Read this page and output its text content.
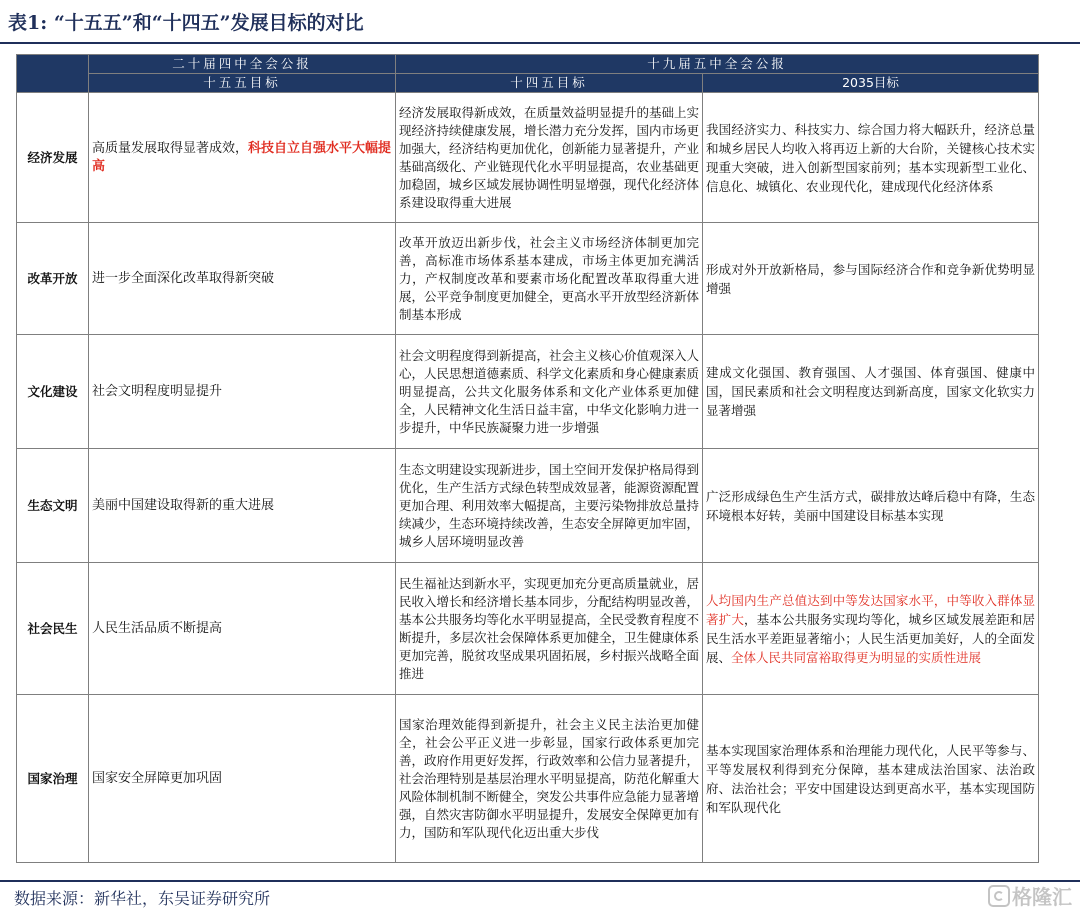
表1: “十五五”和“十四五”发展目标的对比
	二十届四中全会公报	十九届五中全会公报	
	十五五目标	十四五目标	2035目标
经济发展	高质量发展取得显著成效，科技自立自强水平大幅提高	经济发展取得新成效，在质量效益明显提升的基础上实现经济持续健康发展，增长潜力充分发挥，国内市场更加强大，经济结构更加优化，创新能力显著提升，产业基础高级化、产业链现代化水平明显提高，农业基础更加稳固，城乡区域发展协调性明显增强，现代化经济体系建设取得重大进展	我国经济实力、科技实力、综合国力将大幅跃升，经济总量和城乡居民人均收入将再迈上新的大台阶，关键核心技术实现重大突破，进入创新型国家前列；基本实现新型工业化、信息化、城镇化、农业现代化，建成现代化经济体系
改革开放	进一步全面深化改革取得新突破	改革开放迈出新步伐，社会主义市场经济体制更加完善，高标准市场体系基本建成，市场主体更加充满活力，产权制度改革和要素市场化配置改革取得重大进展，公平竞争制度更加健全，更高水平开放型经济新体制基本形成	形成对外开放新格局，参与国际经济合作和竞争新优势明显增强
文化建设	社会文明程度明显提升	社会文明程度得到新提高，社会主义核心价值观深入人心，人民思想道德素质、科学文化素质和身心健康素质明显提高，公共文化服务体系和文化产业体系更加健全，人民精神文化生活日益丰富，中华文化影响力进一步提升，中华民族凝聚力进一步增强	建成文化强国、教育强国、人才强国、体育强国、健康中国，国民素质和社会文明程度达到新高度，国家文化软实力显著增强
生态文明	美丽中国建设取得新的重大进展	生态文明建设实现新进步，国土空间开发保护格局得到优化，生产生活方式绿色转型成效显著，能源资源配置更加合理、利用效率大幅提高，主要污染物排放总量持续减少，生态环境持续改善，生态安全屏障更加牢固，城乡人居环境明显改善	广泛形成绿色生产生活方式，碳排放达峰后稳中有降，生态环境根本好转，美丽中国建设目标基本实现
社会民生	人民生活品质不断提高	民生福祉达到新水平，实现更加充分更高质量就业，居民收入增长和经济增长基本同步，分配结构明显改善，基本公共服务均等化水平明显提高，全民受教育程度不断提升，多层次社会保障体系更加健全，卫生健康体系更加完善，脱贫攻坚成果巩固拓展，乡村振兴战略全面推进	人均国内生产总值达到中等发达国家水平，中等收入群体显著扩大，基本公共服务实现均等化，城乡区域发展差距和居民生活水平差距显著缩小；人民生活更加美好，人的全面发展、全体人民共同富裕取得更为明显的实质性进展
国家治理	国家安全屏障更加巩固	国家治理效能得到新提升，社会主义民主法治更加健全，社会公平正义进一步彰显，国家行政体系更加完善，政府作用更好发挥，行政效率和公信力显著提升，社会治理特别是基层治理水平明显提高，防范化解重大风险体制机制不断健全，突发公共事件应急能力显著增强，自然灾害防御水平明显提升，发展安全保障更加有力，国防和军队现代化迈出重大步伐	基本实现国家治理体系和治理能力现代化，人民平等参与、平等发展权利得到充分保障，基本建成法治国家、法治政府、法治社会；平安中国建设达到更高水平，基本实现国防和军队现代化
数据来源：新华社，东吴证券研究所	格隆汇
